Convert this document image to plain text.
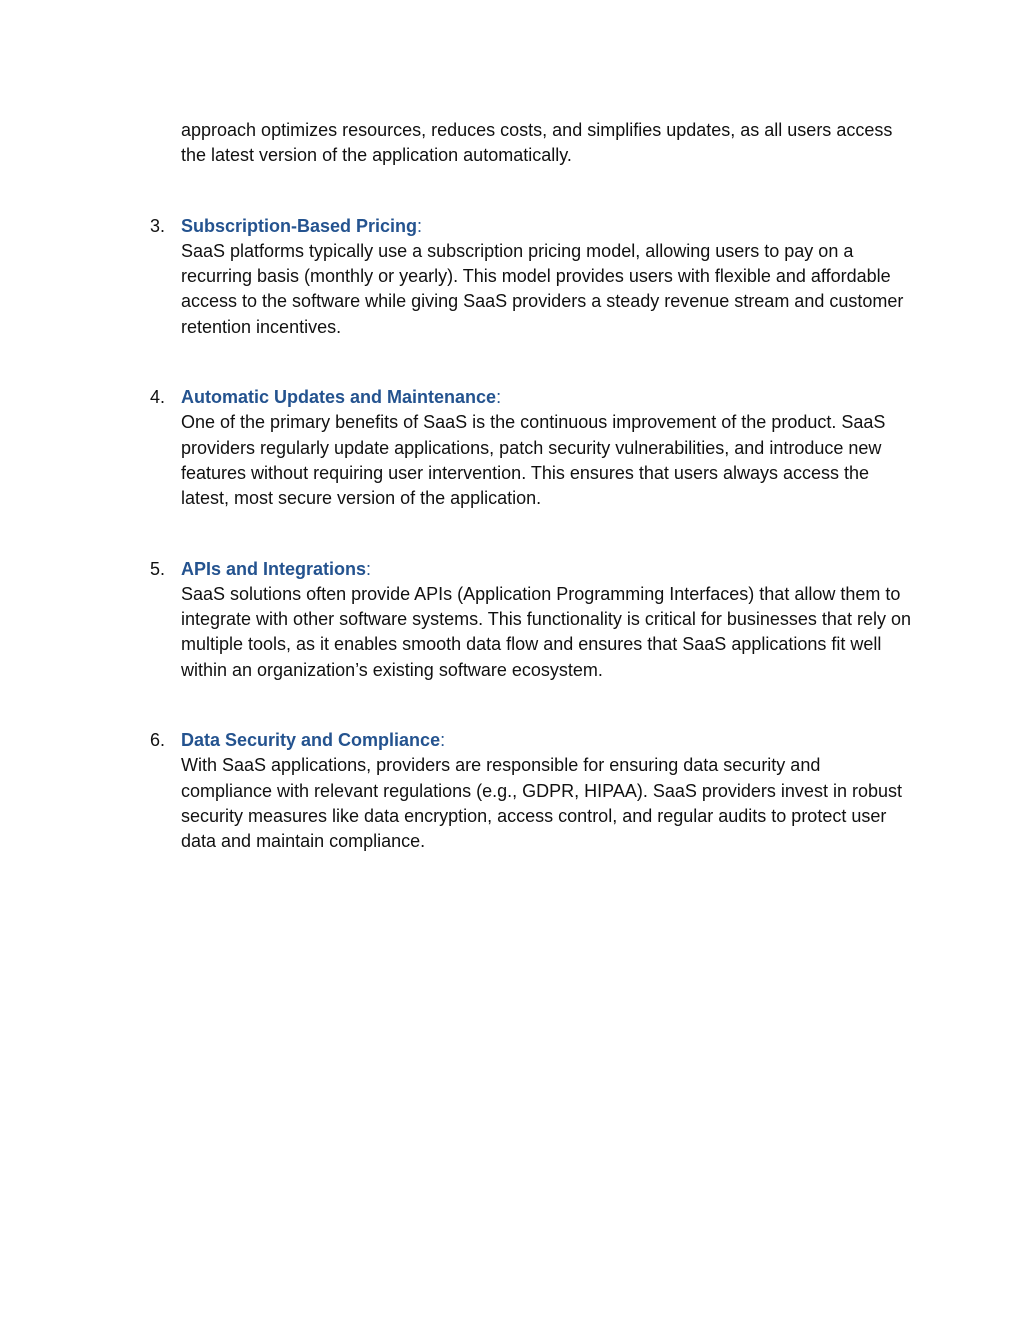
approach optimizes resources, reduces costs, and simplifies updates, as all users access the latest version of the application automatically.

3. Subscription-Based Pricing:

SaaS platforms typically use a subscription pricing model, allowing users to pay on a recurring basis (monthly or yearly). This model provides users with flexible and affordable access to the software while giving SaaS providers a steady revenue stream and customer retention incentives.

4. Automatic Updates and Maintenance:

One of the primary benefits of SaaS is the continuous improvement of the product. SaaS providers regularly update applications, patch security vulnerabilities, and introduce new features without requiring user intervention. This ensures that users always access the latest, most secure version of the application.

5. APIs and Integrations:

SaaS solutions often provide APIs (Application Programming Interfaces) that allow them to integrate with other software systems. This functionality is critical for businesses that rely on multiple tools, as it enables smooth data flow and ensures that SaaS applications fit well within an organization’s existing software ecosystem.

6. Data Security and Compliance:

With SaaS applications, providers are responsible for ensuring data security and compliance with relevant regulations (e.g., GDPR, HIPAA). SaaS providers invest in robust security measures like data encryption, access control, and regular audits to protect user data and maintain compliance.
